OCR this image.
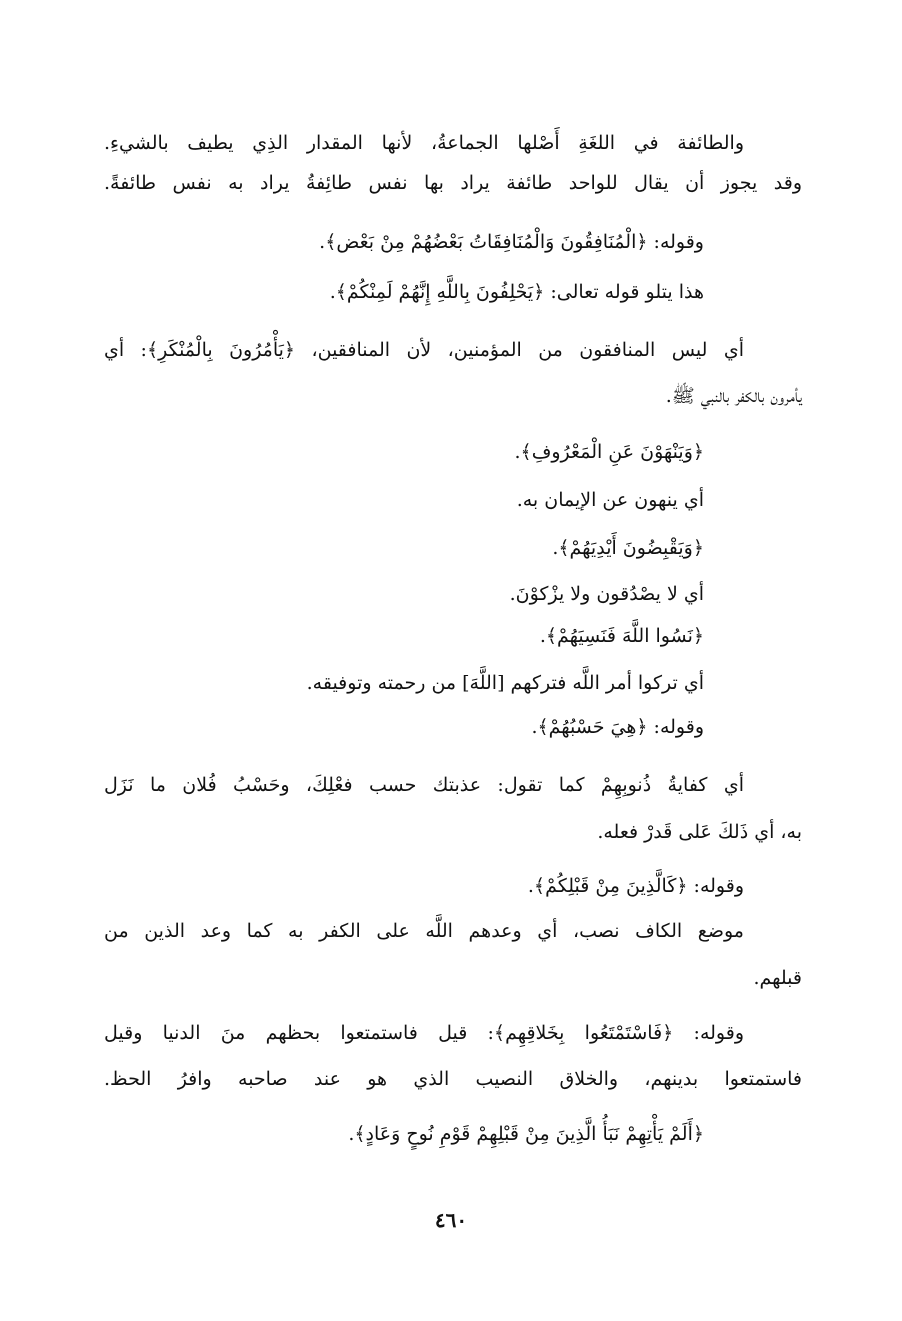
والطائفة في اللغَةِ أَصْلها الجماعةُ، لأنها المقدار الذِي يطيف بالشيءِ.

وقد يجوز أن يقال للواحد طائفة يراد بها نفس طائِفةُ يراد به نفس طائفةً.

وقوله: ﴿الْمُنَافِقُونَ وَالْمُنَافِقَاتُ بَعْضُهُمْ مِنْ بَعْض﴾.

هذا يتلو قوله تعالى: ﴿يَحْلِفُونَ بِاللَّهِ إِنَّهُمْ لَمِنْكُمْ﴾.

أي ليس المنافقون من المؤمنين، لأن المنافقين، ﴿يَأْمُرُونَ بِالْمُنْكَرِ﴾: أي

يأمرون بالكفر بالنبي ﷺ.

﴿وَيَنْهَوْنَ عَنِ الْمَعْرُوفِ﴾.

أي ينهون عن الإيمان به.

﴿وَيَقْبِضُونَ أَيْدِيَهُمْ﴾.

أي لا يصْدُقون ولا يزْكوْنَ.

﴿نَسُوا اللَّهَ فَنَسِيَهُمْ﴾.

أي تركوا أمر اللَّه فتركهم [اللَّهَ] من رحمته وتوفيقه.

وقوله: ﴿هِيَ حَسْبُهُمْ﴾.

أي كفايةُ ذُنوبِهِمْ كما تقول: عذبتك حسب فعْلِكَ، وحَسْبُ فُلان ما نَزَل

به، أي ذَلكَ عَلى قَدرْ فعله.

وقوله: ﴿كَالَّذِينَ مِنْ قَبْلِكُمْ﴾.

موضع الكاف نصب، أي وعدهم اللَّه على الكفر به كما وعد الذين من

قبلهم.

وقوله: ﴿فَاسْتَمْتَعُوا بِخَلاقِهِم﴾: قيل فاستمتعوا بحظهم منَ الدنيا وقيل

فاستمتعوا بدينهم، والخلاق النصيب الذي هو عند صاحبه وافرُ الحظ.

﴿أَلَمْ يَأْتِهِمْ نَبَأُ الَّذِينَ مِنْ قَبْلِهِمْ قَوْمِ نُوحٍ وَعَادٍ﴾.

٤٦٠
